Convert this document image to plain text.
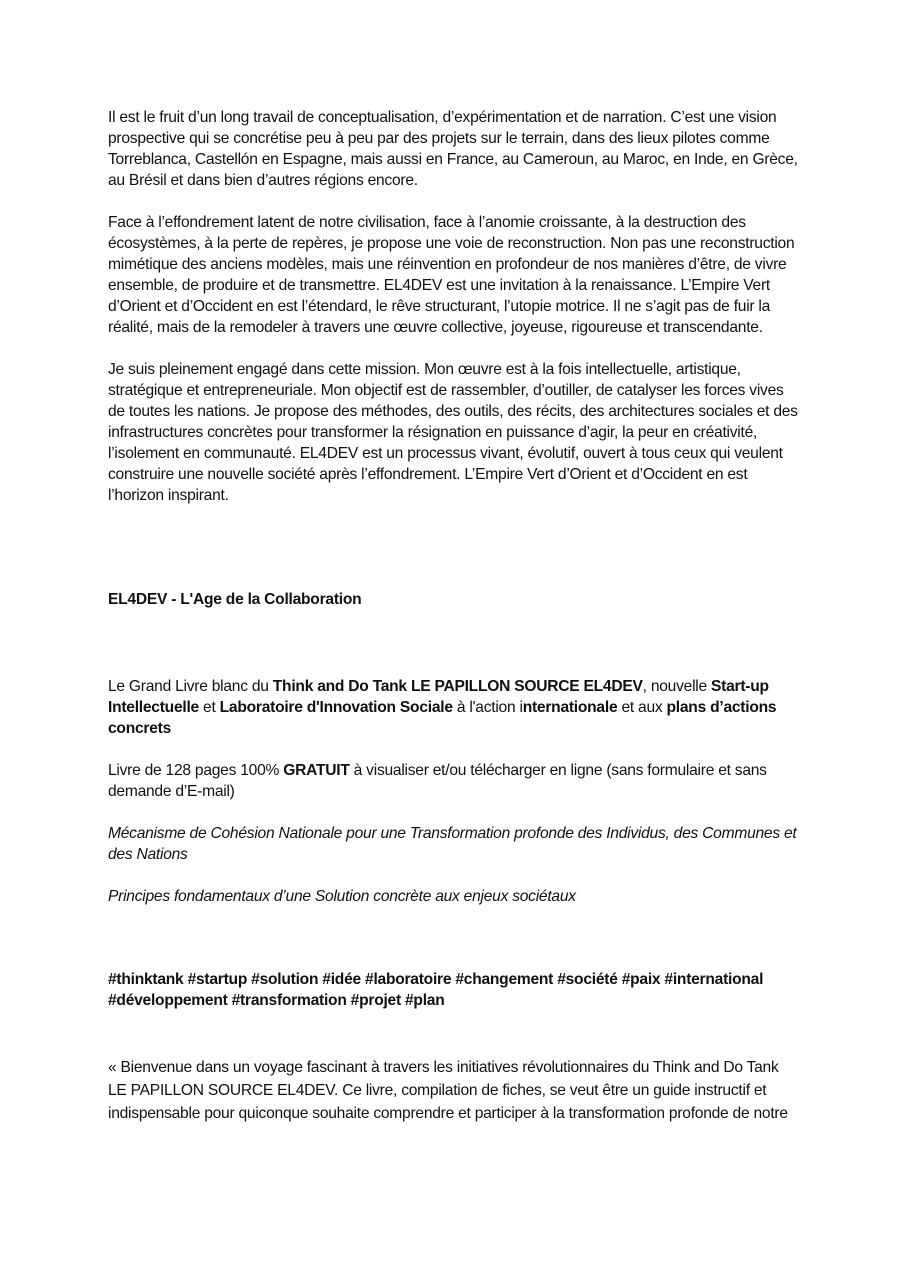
Il est le fruit d’un long travail de conceptualisation, d’expérimentation et de narration. C’est une vision
prospective qui se concrétise peu à peu par des projets sur le terrain, dans des lieux pilotes comme
Torreblanca, Castellón en Espagne, mais aussi en France, au Cameroun, au Maroc, en Inde, en Grèce,
au Brésil et dans bien d’autres régions encore.
Face à l’effondrement latent de notre civilisation, face à l’anomie croissante, à la destruction des
écosystèmes, à la perte de repères, je propose une voie de reconstruction. Non pas une reconstruction
mimétique des anciens modèles, mais une réinvention en profondeur de nos manières d’être, de vivre
ensemble, de produire et de transmettre. EL4DEV est une invitation à la renaissance. L’Empire Vert
d’Orient et d’Occident en est l’étendard, le rêve structurant, l’utopie motrice. Il ne s’agit pas de fuir la
réalité, mais de la remodeler à travers une œuvre collective, joyeuse, rigoureuse et transcendante.
Je suis pleinement engagé dans cette mission. Mon œuvre est à la fois intellectuelle, artistique,
stratégique et entrepreneuriale. Mon objectif est de rassembler, d’outiller, de catalyser les forces vives
de toutes les nations. Je propose des méthodes, des outils, des récits, des architectures sociales et des
infrastructures concrètes pour transformer la résignation en puissance d’agir, la peur en créativité,
l’isolement en communauté. EL4DEV est un processus vivant, évolutif, ouvert à tous ceux qui veulent
construire une nouvelle société après l’effondrement. L’Empire Vert d’Orient et d’Occident en est
l’horizon inspirant.
EL4DEV - L'Age de la Collaboration
Le Grand Livre blanc du Think and Do Tank LE PAPILLON SOURCE EL4DEV, nouvelle Start-up
Intellectuelle et Laboratoire d'Innovation Sociale à l'action internationale et aux plans d’actions
concrets
Livre de 128 pages 100% GRATUIT à visualiser et/ou télécharger en ligne (sans formulaire et sans
demande d’E-mail)
Mécanisme de Cohésion Nationale pour une Transformation profonde des Individus, des Communes et
des Nations
Principes fondamentaux d’une Solution concrète aux enjeux sociétaux
#thinktank #startup #solution #idée #laboratoire #changement #société #paix #international
#développement #transformation #projet #plan
« Bienvenue dans un voyage fascinant à travers les initiatives révolutionnaires du Think and Do Tank
LE PAPILLON SOURCE EL4DEV. Ce livre, compilation de fiches, se veut être un guide instructif et
indispensable pour quiconque souhaite comprendre et participer à la transformation profonde de notre
